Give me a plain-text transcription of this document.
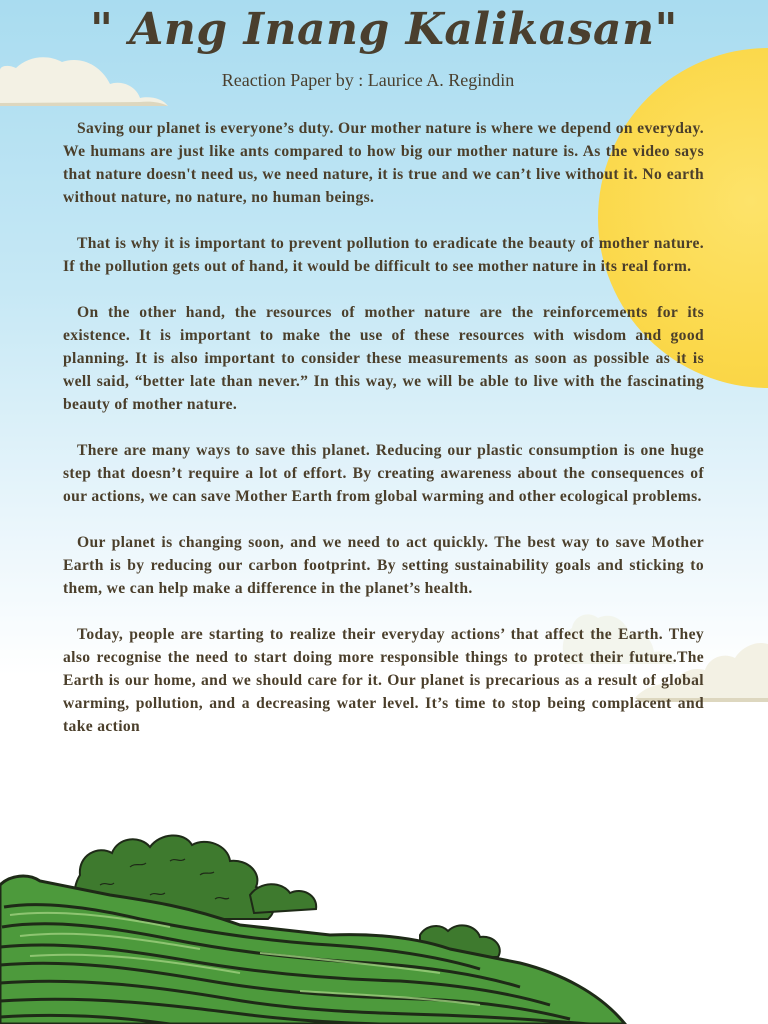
" Ang Inang Kalikasan"
Reaction Paper by : Laurice A. Regindin

Saving our planet is everyone’s duty. Our mother nature is where we depend on everyday. We humans are just like ants compared to how big our mother nature is. As the video says that nature doesn't need us, we need nature, it is true and we can’t live without it. No earth without nature, no nature, no human beings.

That is why it is important to prevent pollution to eradicate the beauty of mother nature. If the pollution gets out of hand, it would be difficult to see mother nature in its real form.

On the other hand, the resources of mother nature are the reinforcements for its existence. It is important to make the use of these resources with wisdom and good planning. It is also important to consider these measurements as soon as possible as it is well said, “better late than never.” In this way, we will be able to live with the fascinating beauty of mother nature.

There are many ways to save this planet. Reducing our plastic consumption is one huge step that doesn’t require a lot of effort. By creating awareness about the consequences of our actions, we can save Mother Earth from global warming and other ecological problems.

Our planet is changing soon, and we need to act quickly. The best way to save Mother Earth is by reducing our carbon footprint. By setting sustainability goals and sticking to them, we can help make a difference in the planet’s health.

Today, people are starting to realize their everyday actions’ that affect the Earth. They also recognise the need to start doing more responsible things to protect their future.The Earth is our home, and we should care for it. Our planet is precarious as a result of global warming, pollution, and a decreasing water level. It’s time to stop being complacent and take action
